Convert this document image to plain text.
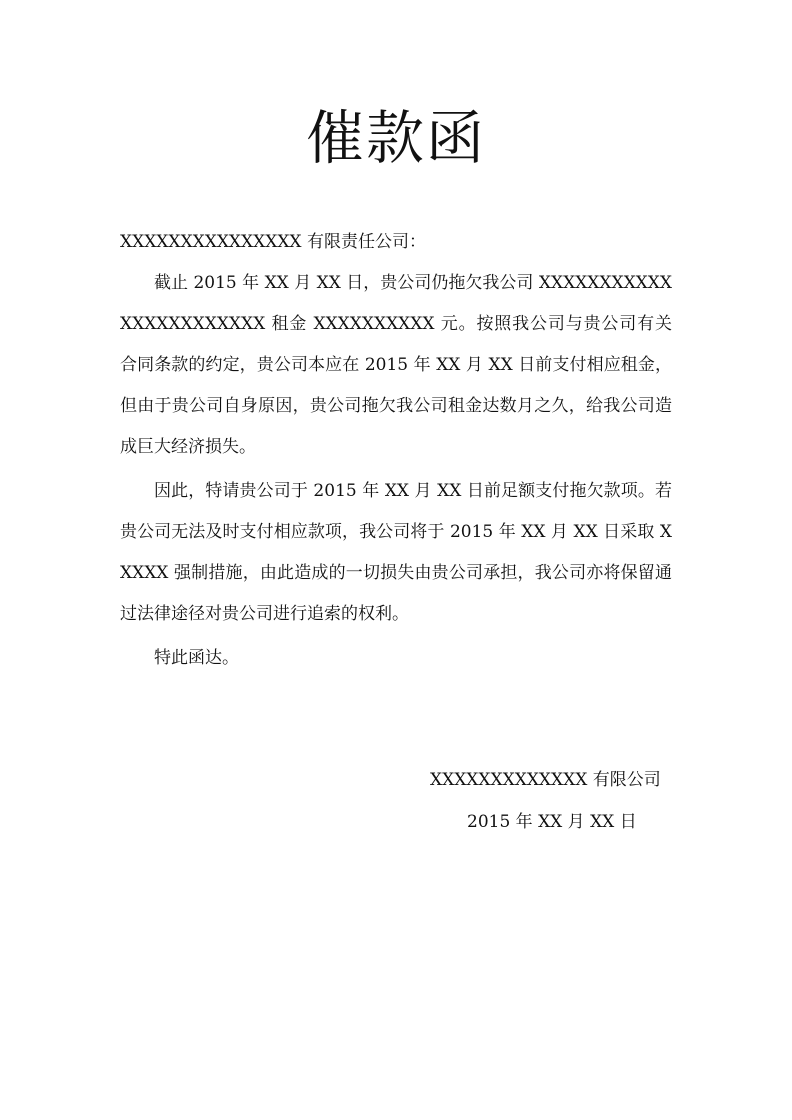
催款函

XXXXXXXXXXXXXXX 有限责任公司：

截止 2015 年 XX 月 XX 日，贵公司仍拖欠我公司 XXXXXXXXXXXXXXXXXXXXXXX 租金 XXXXXXXXXX 元。按照我公司与贵公司有关合同条款的约定，贵公司本应在 2015 年 XX 月 XX 日前支付相应租金，但由于贵公司自身原因，贵公司拖欠我公司租金达数月之久，给我公司造成巨大经济损失。

因此，特请贵公司于 2015 年 XX 月 XX 日前足额支付拖欠款项。若贵公司无法及时支付相应款项，我公司将于 2015 年 XX 月 XX 日采取 XXXXX 强制措施，由此造成的一切损失由贵公司承担，我公司亦将保留通过法律途径对贵公司进行追索的权利。

特此函达。

XXXXXXXXXXXXX 有限公司

2015 年 XX 月 XX 日
